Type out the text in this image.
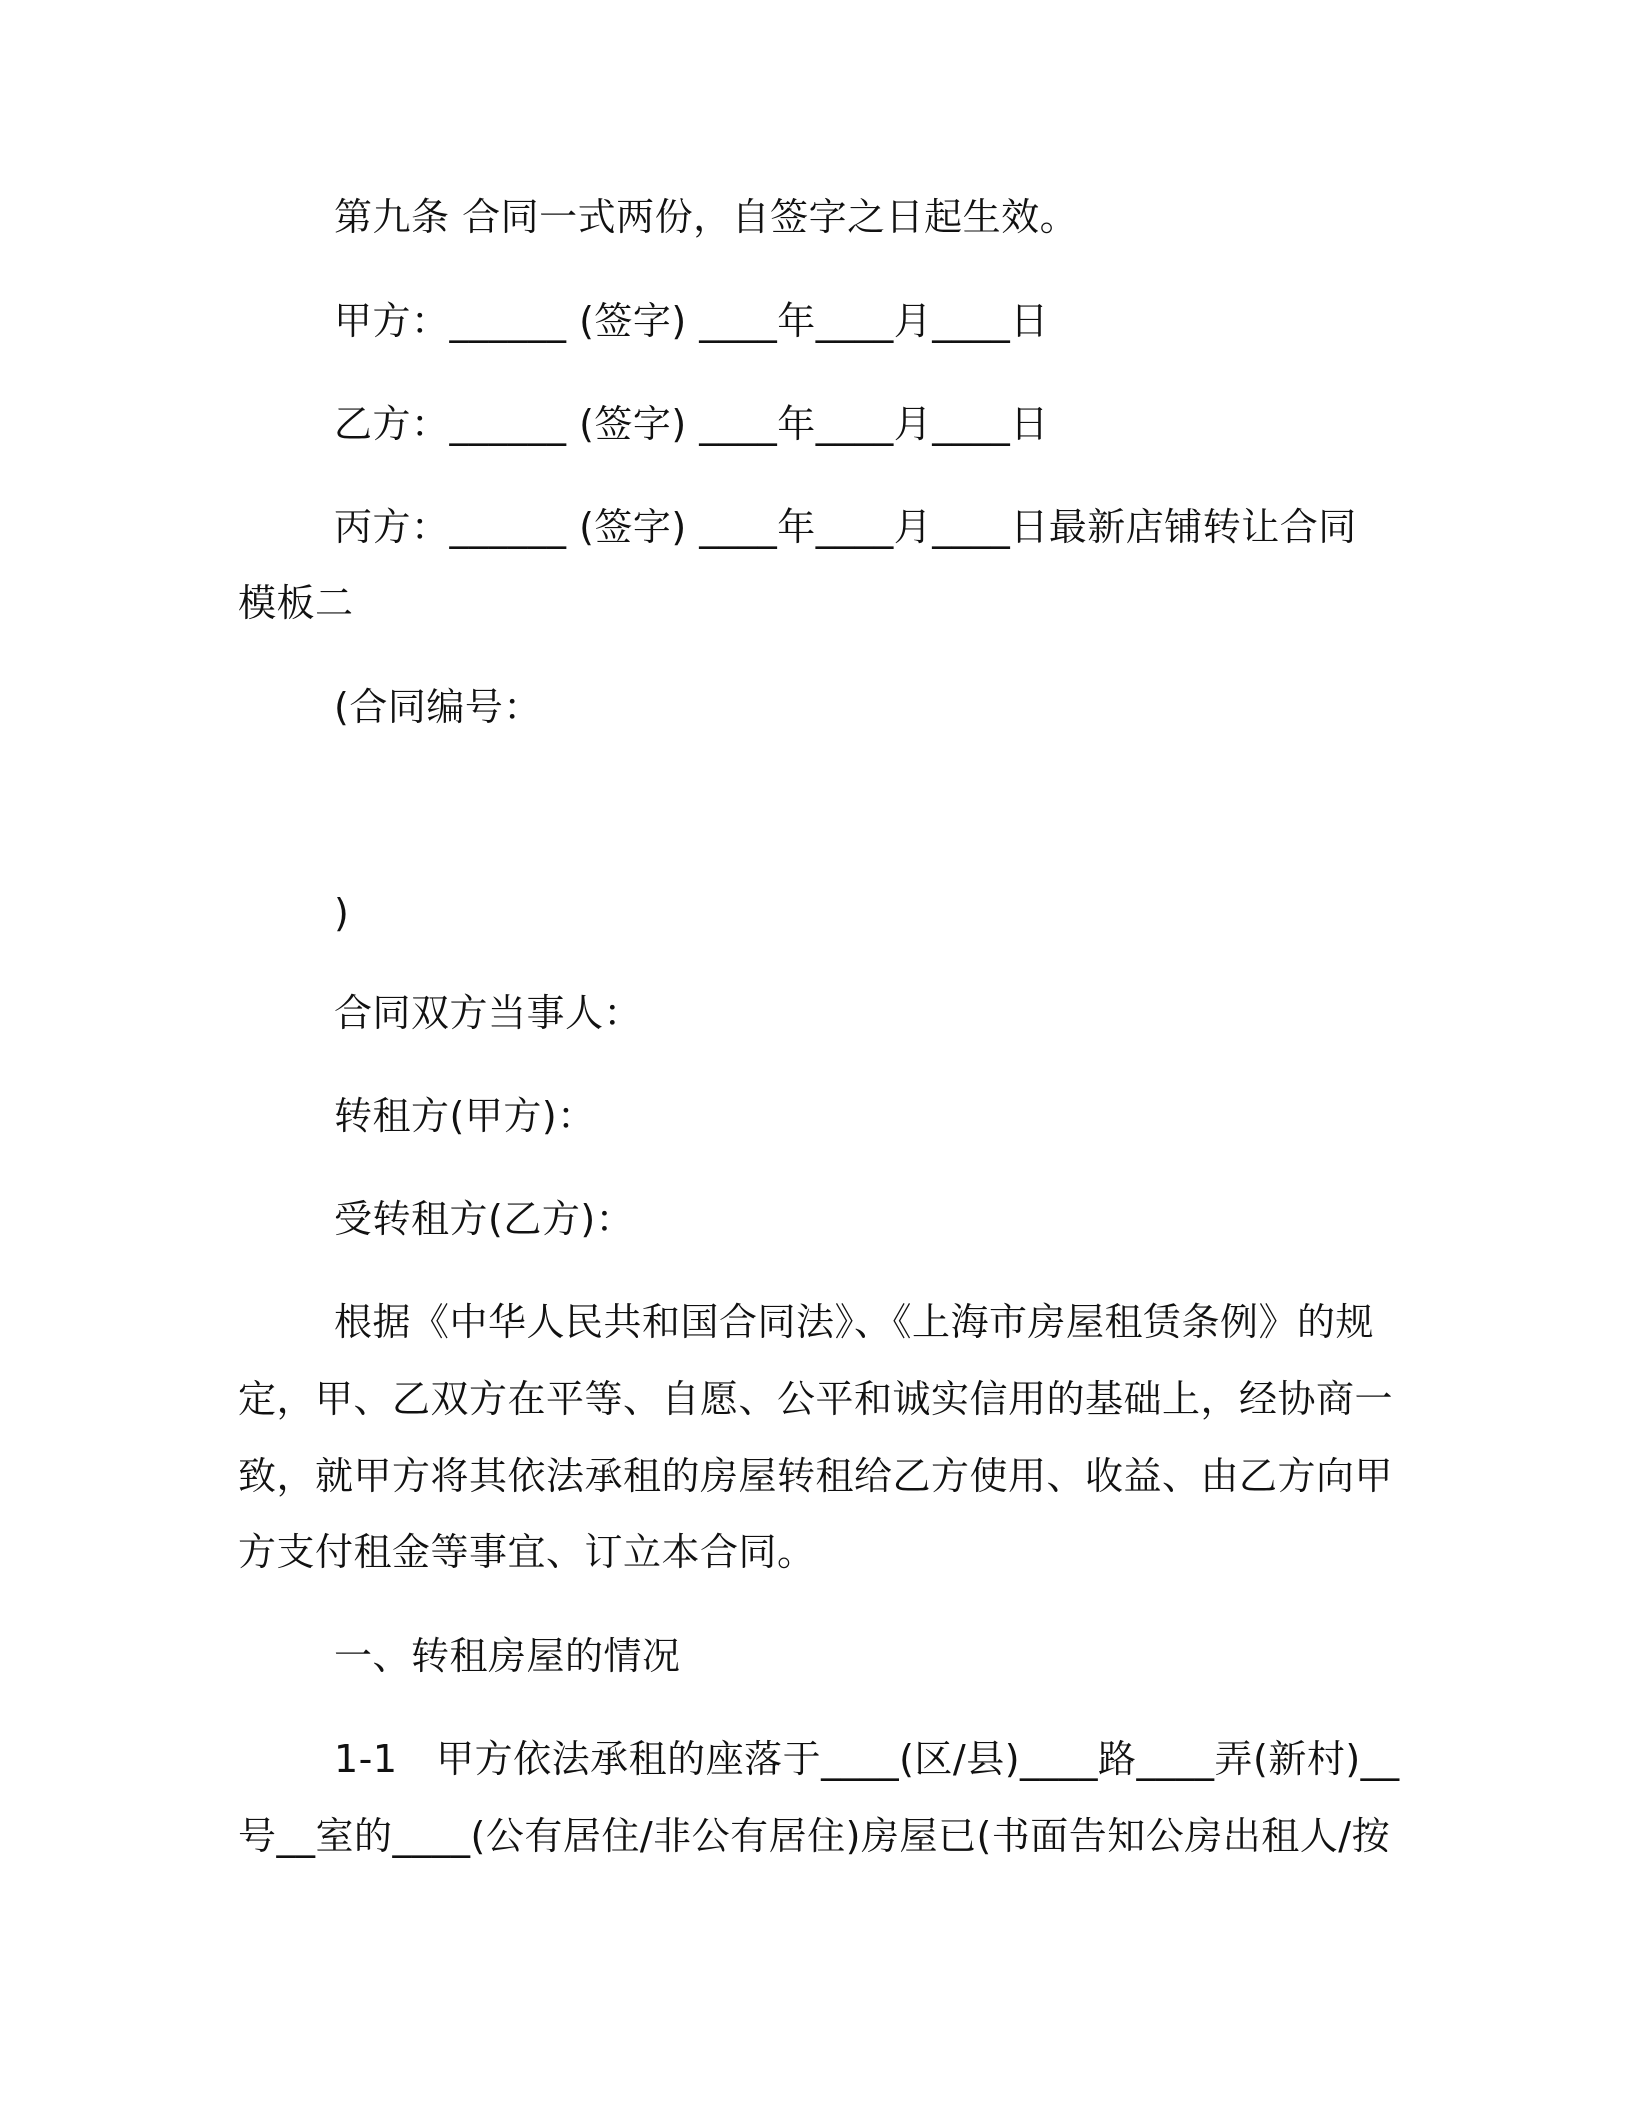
第九条 合同一式两份，自签字之日起生效。
甲方：______ (签字) ____年____月____日
乙方：______ (签字) ____年____月____日
丙方：______ (签字) ____年____月____日最新店铺转让合同
模板二
(合同编号：
)
合同双方当事人：
转租方(甲方)：
受转租方(乙方)：
根据《中华人民共和国合同法》、《上海市房屋租赁条例》的规
定，甲、乙双方在平等、自愿、公平和诚实信用的基础上，经协商一
致，就甲方将其依法承租的房屋转租给乙方使用、收益、由乙方向甲
方支付租金等事宜、订立本合同。
一、转租房屋的情况
1-1　甲方依法承租的座落于____(区/县)____路____弄(新村)__
号__室的____(公有居住/非公有居住)房屋已(书面告知公房出租人/按
